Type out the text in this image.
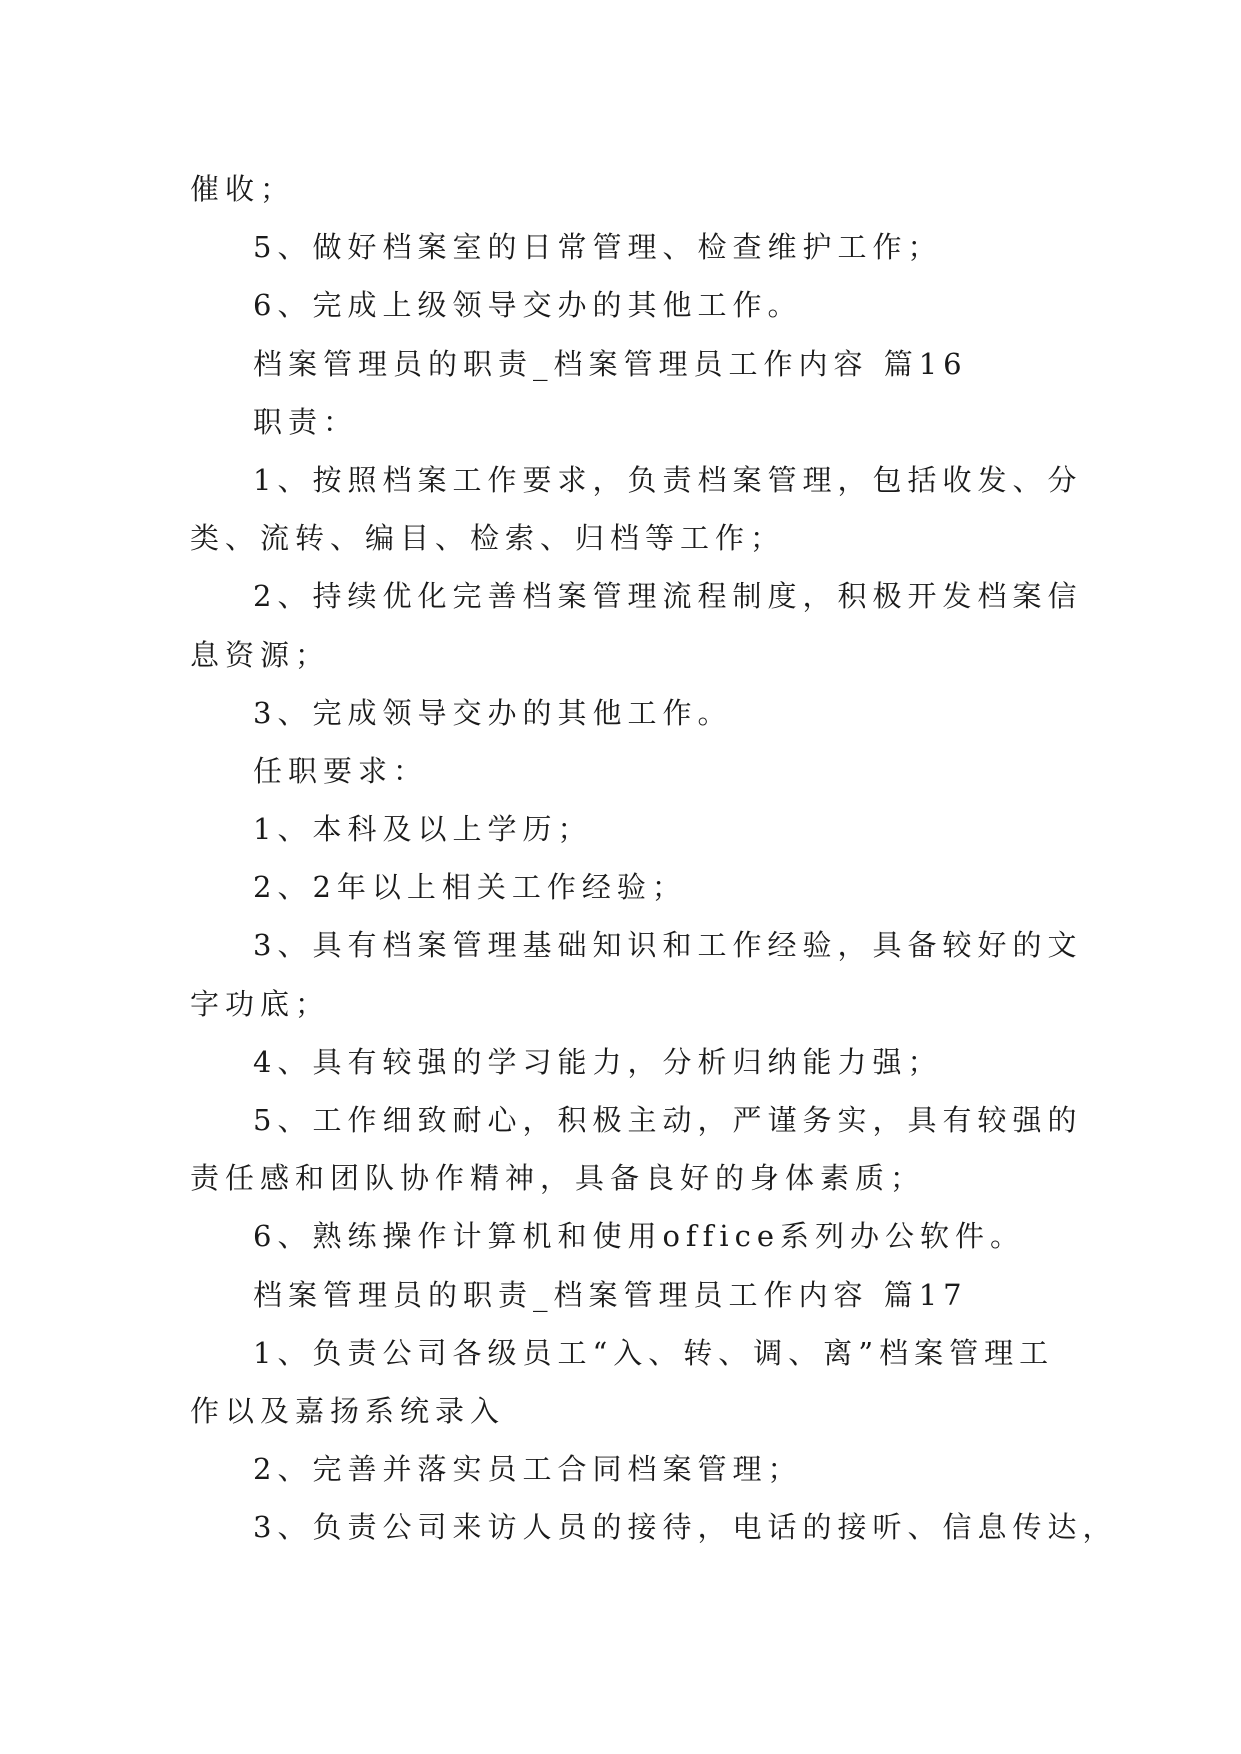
催收；
5、做好档案室的日常管理、检查维护工作；
6、完成上级领导交办的其他工作。
档案管理员的职责_档案管理员工作内容 篇16
职责：
1、按照档案工作要求，负责档案管理，包括收发、分
类、流转、编目、检索、归档等工作；
2、持续优化完善档案管理流程制度，积极开发档案信
息资源；
3、完成领导交办的其他工作。
任职要求：
1、本科及以上学历；
2、2年以上相关工作经验；
3、具有档案管理基础知识和工作经验，具备较好的文
字功底；
4、具有较强的学习能力，分析归纳能力强；
5、工作细致耐心，积极主动，严谨务实，具有较强的
责任感和团队协作精神，具备良好的身体素质；
6、熟练操作计算机和使用office系列办公软件。
档案管理员的职责_档案管理员工作内容 篇17
1、负责公司各级员工“入、转、调、离”档案管理工
作以及嘉扬系统录入
2、完善并落实员工合同档案管理；
3、负责公司来访人员的接待，电话的接听、信息传达，
